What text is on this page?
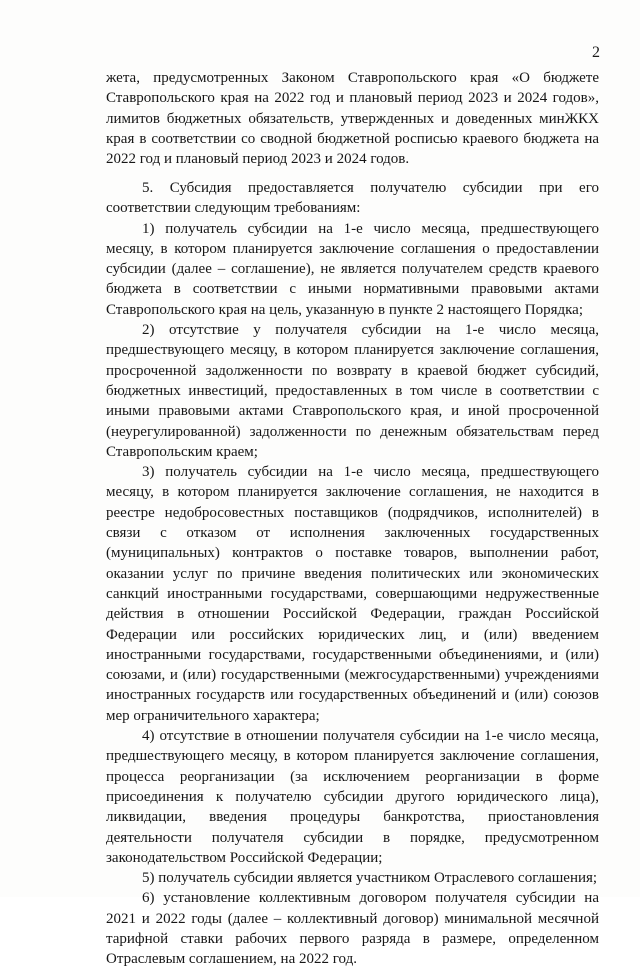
2

жета, предусмотренных Законом Ставропольского края «О бюджете Ставропольского края на 2022 год и плановый период 2023 и 2024 годов», лимитов бюджетных обязательств, утвержденных и доведенных минЖКХ края в соответствии со сводной бюджетной росписью краевого бюджета на 2022 год и плановый период 2023 и 2024 годов.

5. Субсидия предоставляется получателю субсидии при его соответствии следующим требованиям:

1) получатель субсидии на 1-е число месяца, предшествующего месяцу, в котором планируется заключение соглашения о предоставлении субсидии (далее – соглашение), не является получателем средств краевого бюджета в соответствии с иными нормативными правовыми актами Ставропольского края на цель, указанную в пункте 2 настоящего Порядка;

2) отсутствие у получателя субсидии на 1-е число месяца, предшествующего месяцу, в котором планируется заключение соглашения, просроченной задолженности по возврату в краевой бюджет субсидий, бюджетных инвестиций, предоставленных в том числе в соответствии с иными правовыми актами Ставропольского края, и иной просроченной (неурегулированной) задолженности по денежным обязательствам перед Ставропольским краем;

3) получатель субсидии на 1-е число месяца, предшествующего месяцу, в котором планируется заключение соглашения, не находится в реестре недобросовестных поставщиков (подрядчиков, исполнителей) в связи с отказом от исполнения заключенных государственных (муниципальных) контрактов о поставке товаров, выполнении работ, оказании услуг по причине введения политических или экономических санкций иностранными государствами, совершающими недружественные действия в отношении Российской Федерации, граждан Российской Федерации или российских юридических лиц, и (или) введением иностранными государствами, государственными объединениями, и (или) союзами, и (или) государственными (межгосударственными) учреждениями иностранных государств или государственных объединений и (или) союзов мер ограничительного характера;

4) отсутствие в отношении получателя субсидии на 1-е число месяца, предшествующего месяцу, в котором планируется заключение соглашения, процесса реорганизации (за исключением реорганизации в форме присоединения к получателю субсидии другого юридического лица), ликвидации, введения процедуры банкротства, приостановления деятельности получателя субсидии в порядке, предусмотренном законодательством Российской Федерации;

5) получатель субсидии является участником Отраслевого соглашения;

6) установление коллективным договором получателя субсидии на 2021 и 2022 годы (далее – коллективный договор) минимальной месячной тарифной ставки рабочих первого разряда в размере, определенном Отраслевым соглашением, на 2022 год.
